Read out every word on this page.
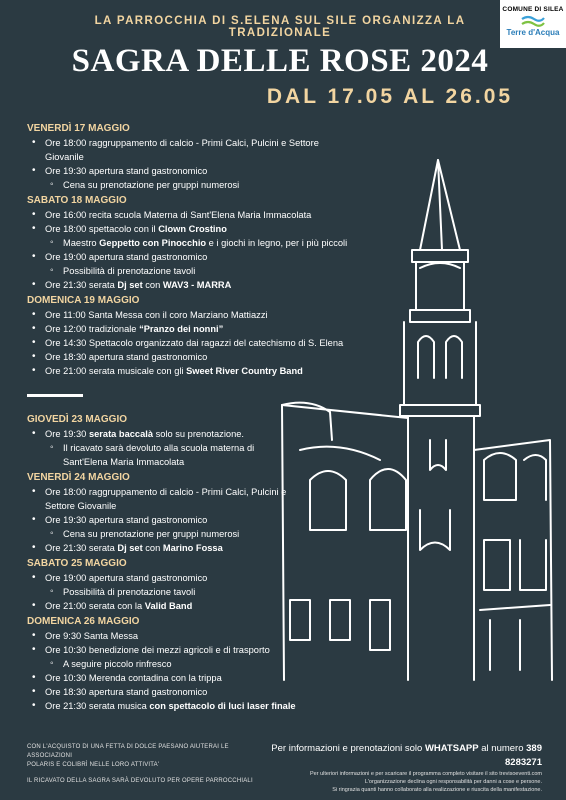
COMUNE DI SILEA
Terre d'Acqua
LA PARROCCHIA DI S.ELENA SUL SILE ORGANIZZA LA TRADIZIONALE
SAGRA DELLE ROSE 2024
DAL 17.05 AL 26.05
VENERDÌ 17 MAGGIO
• Ore 18:00 raggruppamento di calcio - Primi Calci, Pulcini e Settore Giovanile
• Ore 19:30 apertura stand gastronomico
◦ Cena su prenotazione per gruppi numerosi
SABATO 18 MAGGIO
• Ore 16:00 recita scuola Materna di Sant'Elena Maria Immacolata
• Ore 18:00 spettacolo con il Clown Crostino
◦ Maestro Geppetto con Pinocchio e i giochi in legno, per i più piccoli
• Ore 19:00 apertura stand gastronomico
◦ Possibilità di prenotazione tavoli
• Ore 21:30 serata Dj set con WAV3 - MARRA
DOMENICA 19 MAGGIO
• Ore 11:00 Santa Messa con il coro Marziano Mattiazzi
• Ore 12:00 tradizionale “Pranzo dei nonni”
• Ore 14:30 Spettacolo organizzato dai ragazzi del catechismo di S. Elena
• Ore 18:30 apertura stand gastronomico
• Ore 21:00 serata musicale con gli Sweet River Country Band
GIOVEDÌ 23 MAGGIO
• Ore 19:30 serata baccalà solo su prenotazione.
◦ Il ricavato sarà devoluto alla scuola materna di
Sant'Elena Maria Immacolata
VENERDÌ 24 MAGGIO
• Ore 18:00 raggruppamento di calcio - Primi Calci, Pulcini e
Settore Giovanile
• Ore 19:30 apertura stand gastronomico
◦ Cena su prenotazione per gruppi numerosi
• Ore 21:30 serata Dj set con Marino Fossa
SABATO 25 MAGGIO
• Ore 19:00 apertura stand gastronomico
◦ Possibilità di prenotazione tavoli
• Ore 21:00 serata con la Valid Band
DOMENICA 26 MAGGIO
• Ore 9:30 Santa Messa
• Ore 10:30 benedizione dei mezzi agricoli e di trasporto
◦ A seguire piccolo rinfresco
• Ore 10:30 Merenda contadina con la trippa
• Ore 18:30 apertura stand gastronomico
• Ore 21:30 serata musica con spettacolo di luci laser finale
CON L'ACQUISTO DI UNA FETTA DI DOLCE PAESANO AIUTERAI LE ASSOCIAZIONI
POLARIS E COLIBRÌ NELLE LORO ATTIVITA'
IL RICAVATO DELLA SAGRA SARÀ DEVOLUTO PER OPERE PARROCCHIALI
Per informazioni e prenotazioni solo WHATSAPP al numero 389 8283271
Per ulteriori informazioni e per scaricare il programma completo visitare il sito trevisoeventi.com
L'organizzazione declina ogni responsabilità per danni a cose e persone.
Si ringrazia quanti hanno collaborato alla realizzazione e riuscita della manifestazione.
